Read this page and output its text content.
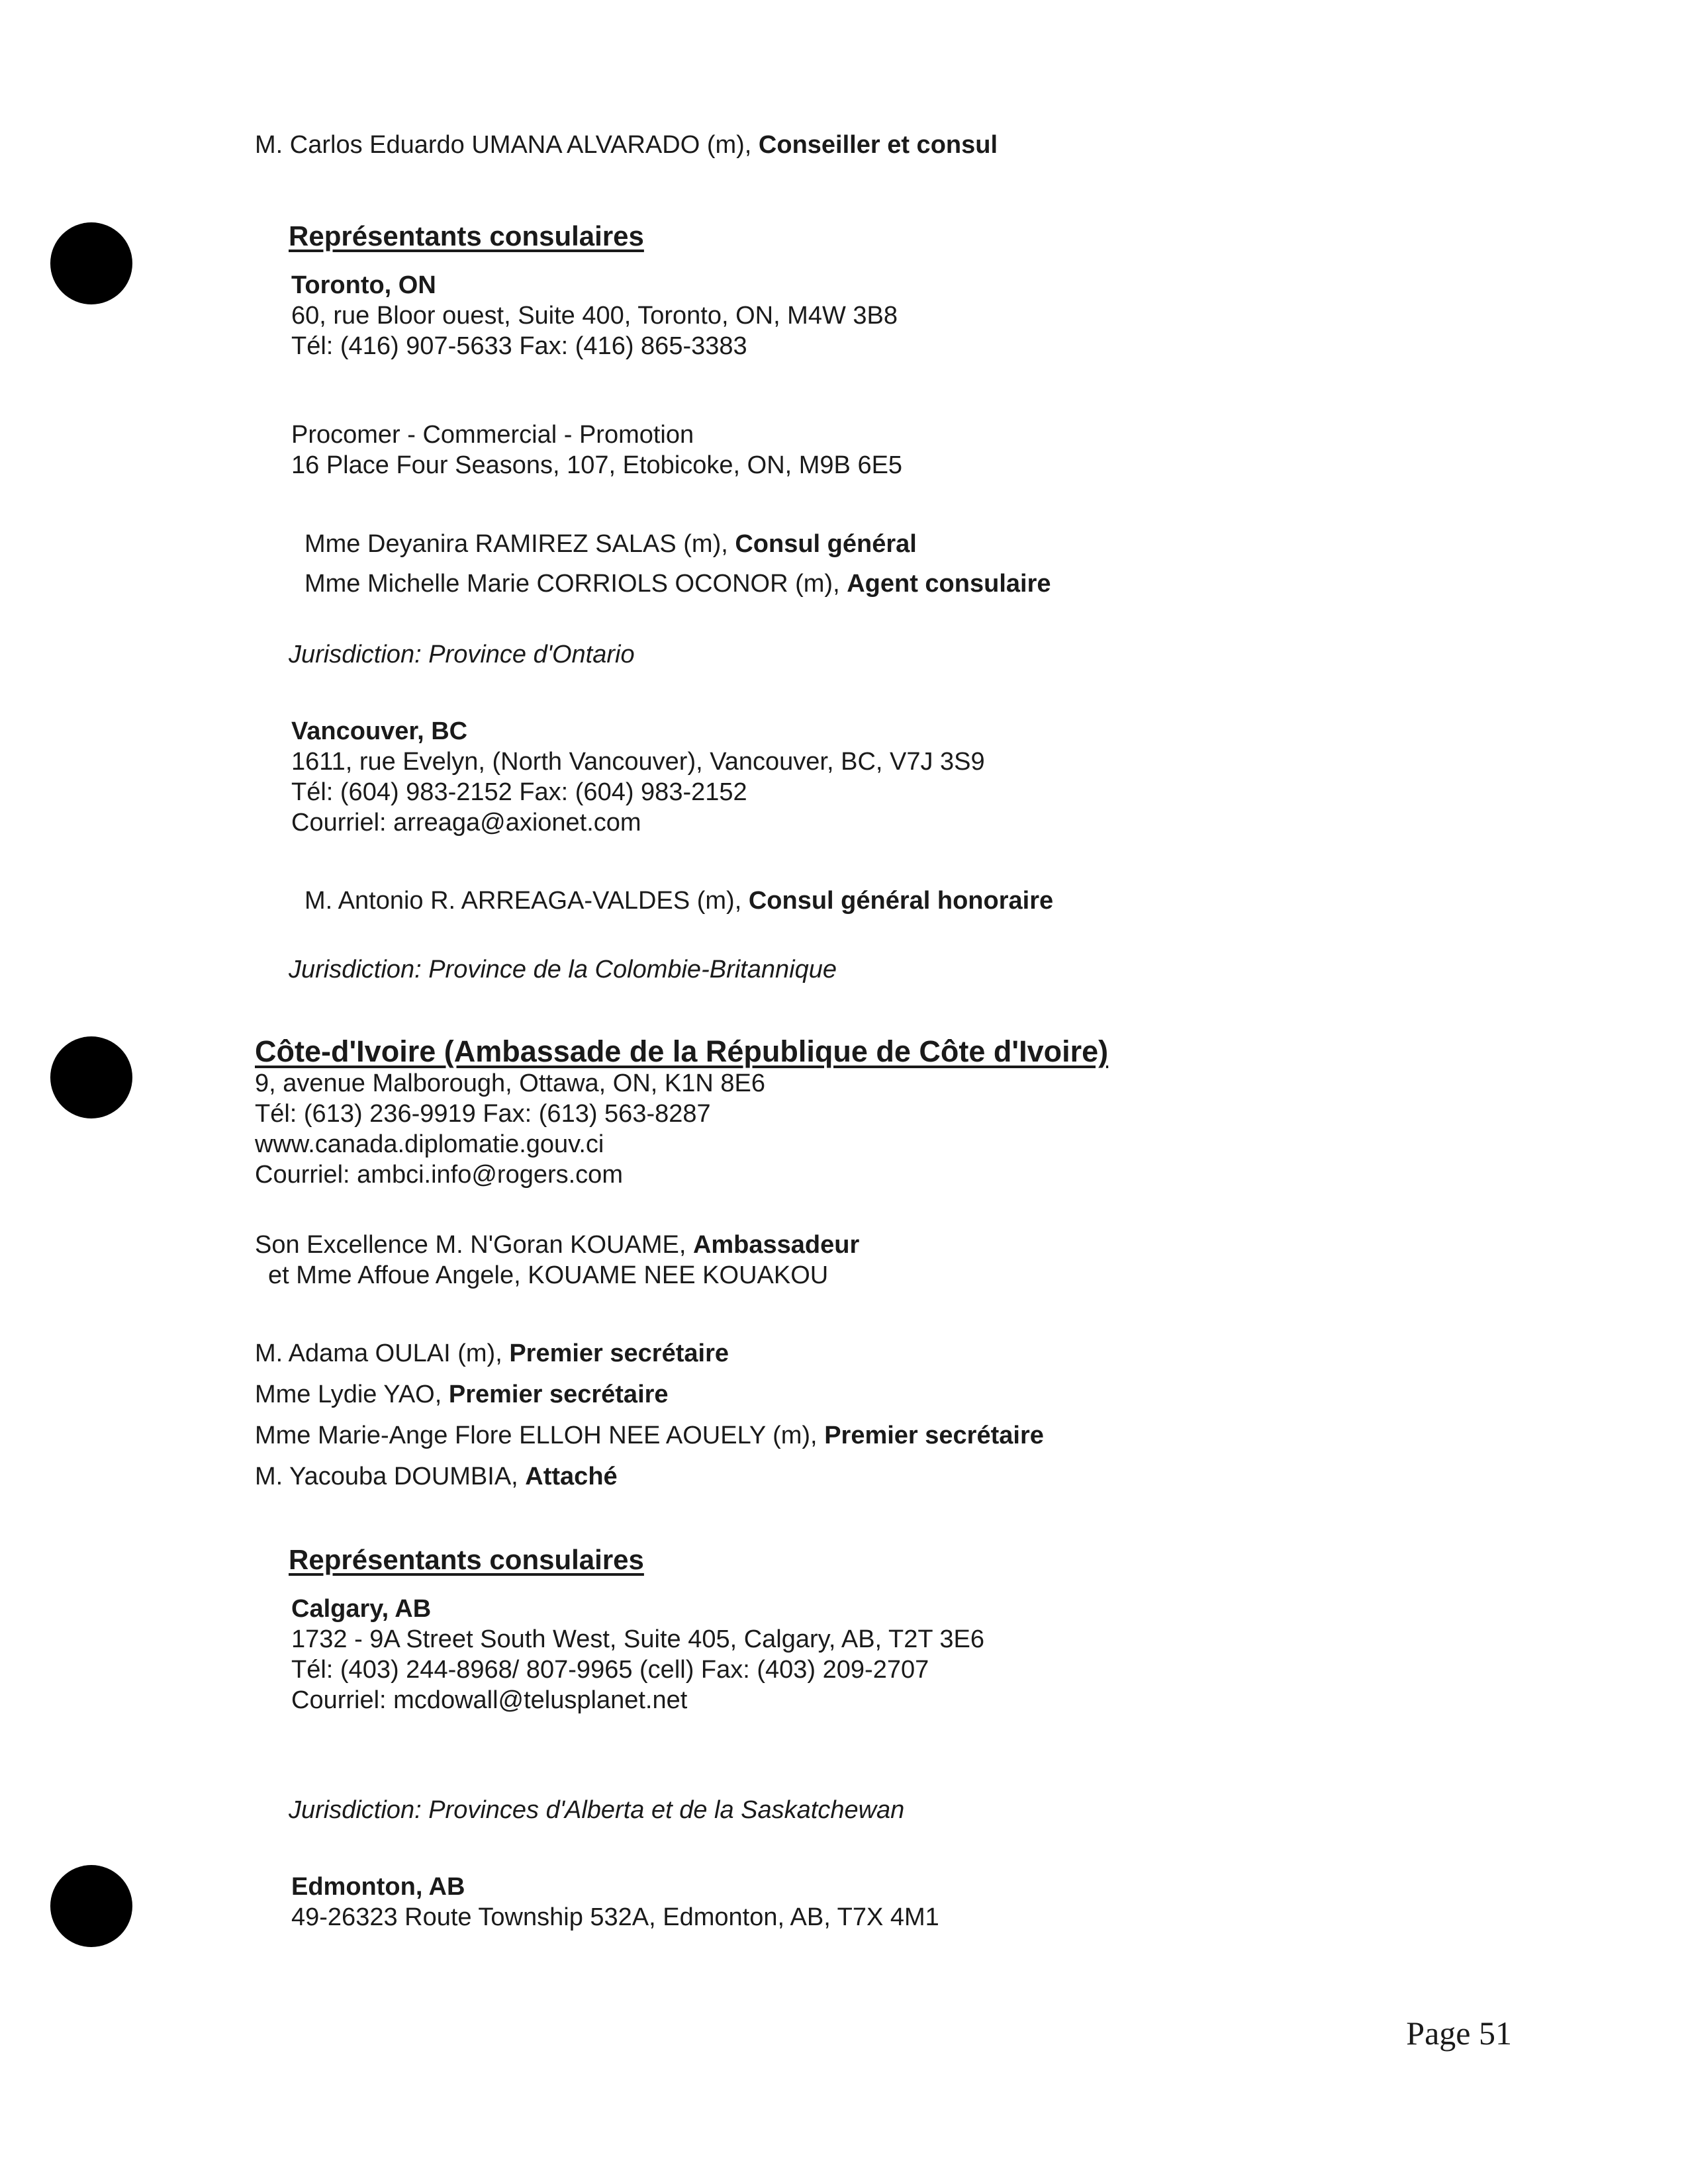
M. Carlos Eduardo UMANA ALVARADO (m), Conseiller et consul
Représentants consulaires
Toronto, ON
60, rue Bloor ouest, Suite 400, Toronto, ON, M4W 3B8
Tél: (416) 907-5633 Fax: (416) 865-3383
Procomer - Commercial - Promotion
16 Place Four Seasons, 107, Etobicoke, ON, M9B 6E5
Mme Deyanira RAMIREZ SALAS (m), Consul général
Mme Michelle Marie CORRIOLS OCONOR (m), Agent consulaire
Jurisdiction: Province d'Ontario
Vancouver, BC
1611, rue Evelyn, (North Vancouver), Vancouver, BC, V7J 3S9
Tél: (604) 983-2152 Fax: (604) 983-2152
Courriel: arreaga@axionet.com
M. Antonio R. ARREAGA-VALDES (m), Consul général honoraire
Jurisdiction: Province de la Colombie-Britannique
Côte-d'Ivoire (Ambassade de la République de Côte d'Ivoire)
9, avenue Malborough, Ottawa, ON, K1N 8E6
Tél: (613) 236-9919 Fax: (613) 563-8287
www.canada.diplomatie.gouv.ci
Courriel: ambci.info@rogers.com
Son Excellence M. N'Goran KOUAME, Ambassadeur
et Mme Affoue Angele, KOUAME NEE KOUAKOU
M. Adama OULAI (m), Premier secrétaire
Mme Lydie YAO, Premier secrétaire
Mme Marie-Ange Flore ELLOH NEE AOUELY (m), Premier secrétaire
M. Yacouba DOUMBIA, Attaché
Représentants consulaires
Calgary, AB
1732 - 9A Street South West, Suite 405, Calgary, AB, T2T 3E6
Tél: (403) 244-8968/ 807-9965 (cell) Fax: (403) 209-2707
Courriel: mcdowall@telusplanet.net
Jurisdiction: Provinces d'Alberta et de la Saskatchewan
Edmonton, AB
49-26323 Route Township 532A, Edmonton, AB, T7X 4M1
Page 51
